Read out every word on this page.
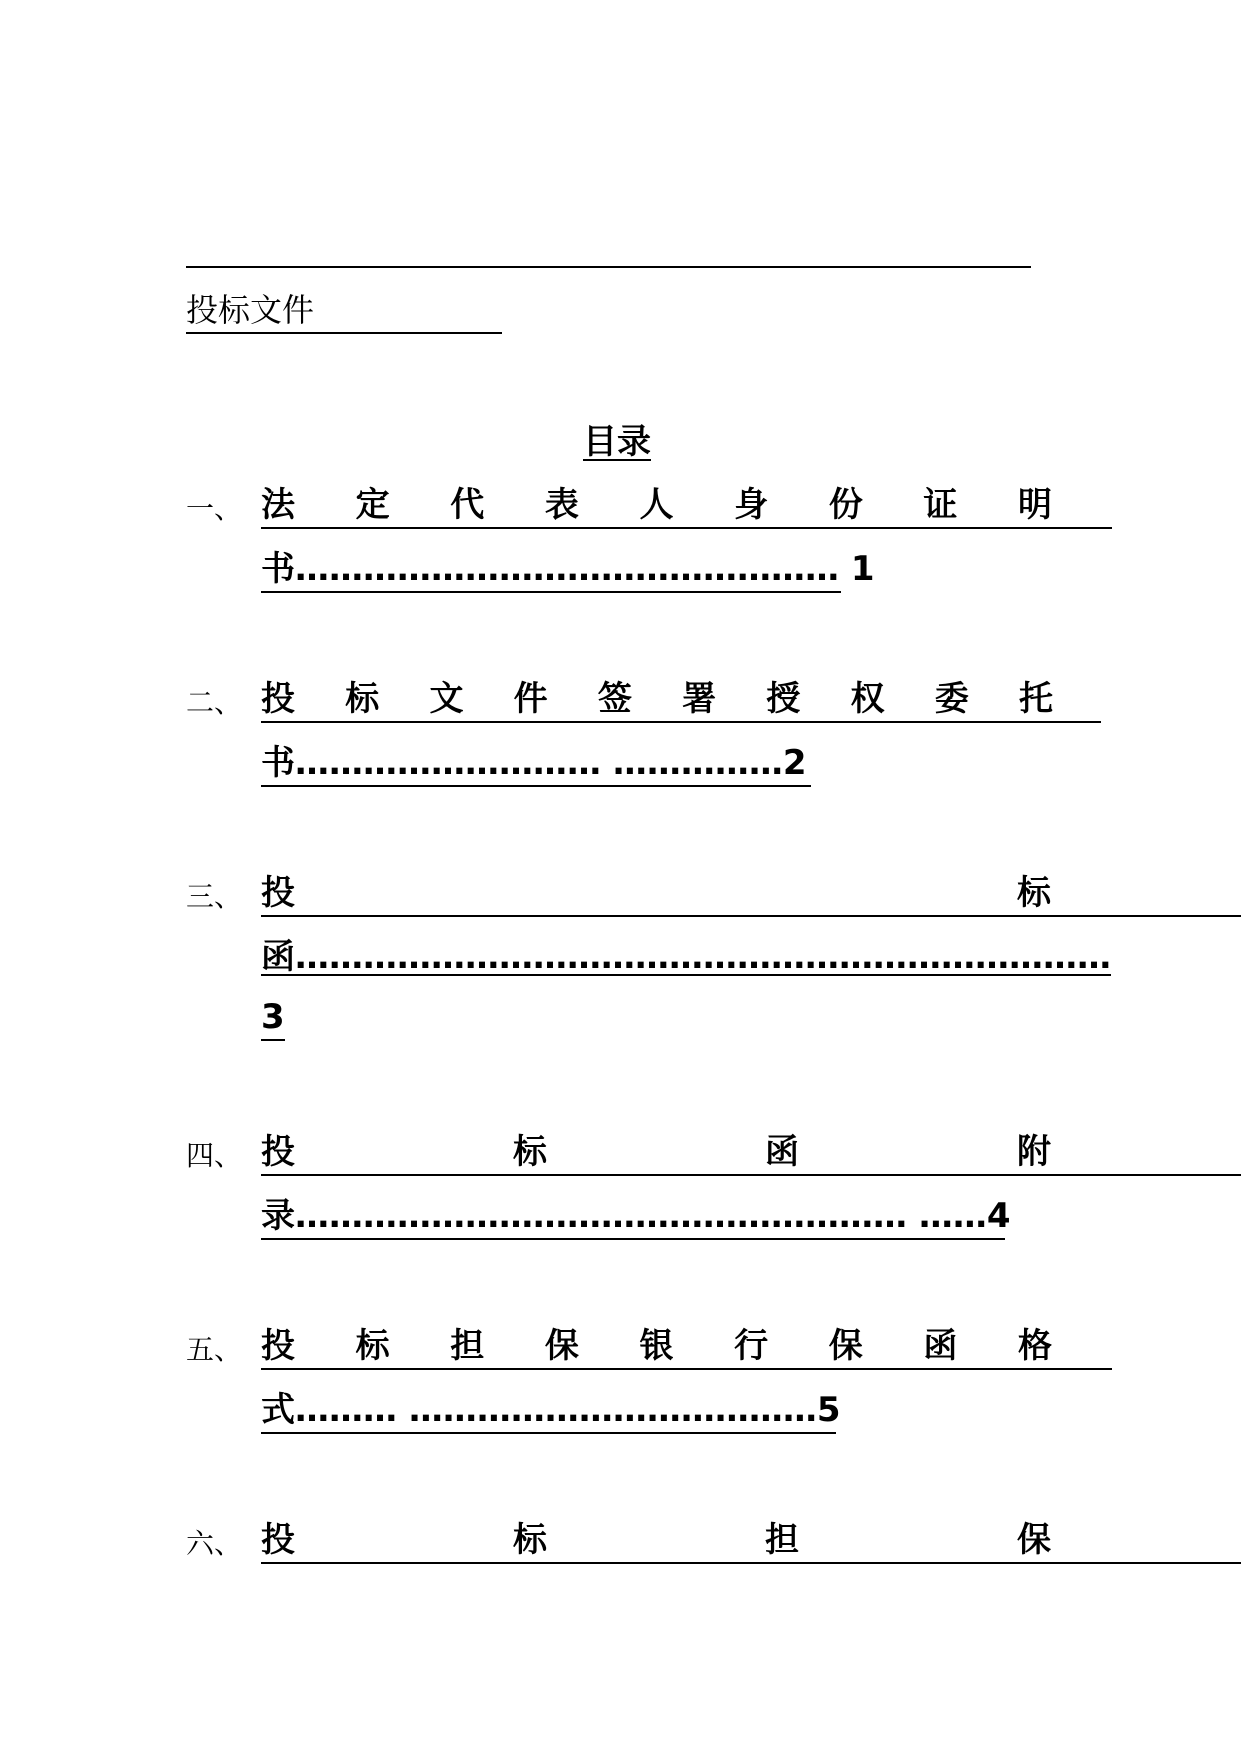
投标文件
目录
一、 法 定 代 表 人 身 份 证 明
书………………………………………… 1
二、 投 标 文 件 签 署 授 权 委 托
书……………………… ……………2
三、 投	标
函………………………………………………………………
3
四、 投	标	函	附
录……………………………………………… ……4
五、 投 标 担 保 银 行 保 函 格
式……… ………………………………5
六、 投	标	担	保
